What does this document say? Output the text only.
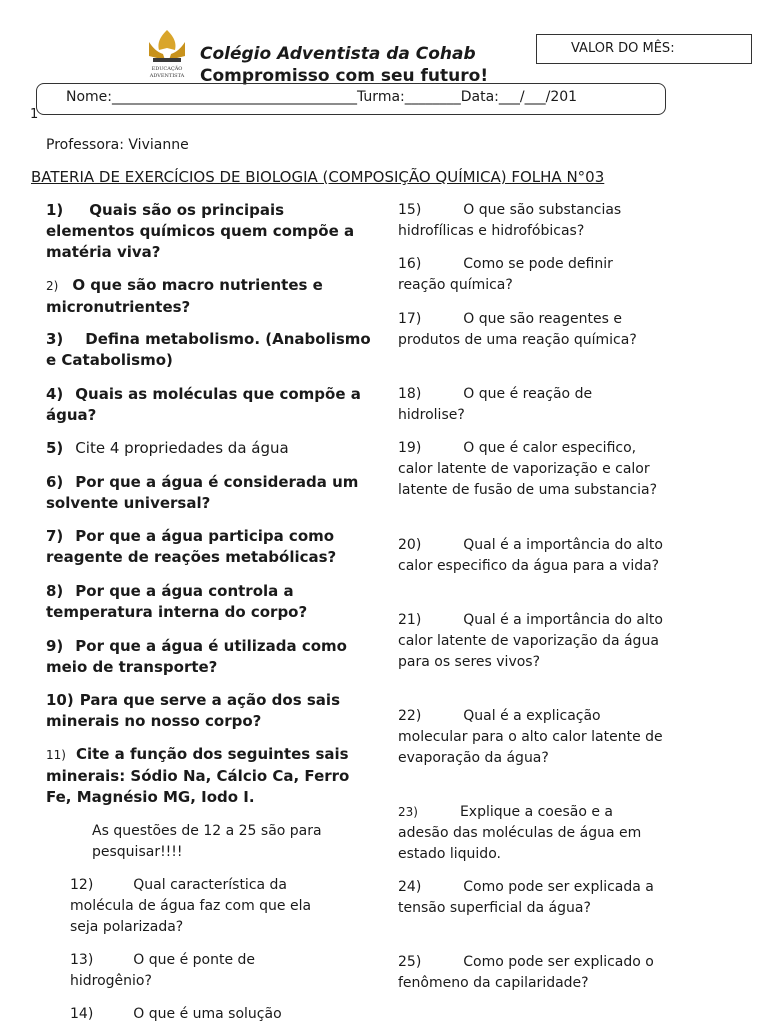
EDUCAÇÃO
ADVENTISTA
Colégio Adventista da Cohab
Compromisso com seu futuro!
VALOR DO MÊS:
Nome:___________________________________Turma:________Data:___/___/201
1
Professora: Vivianne
BATERIA DE EXERCÍCIOS DE BIOLOGIA (COMPOSIÇÃO QUÍMICA) FOLHA N°03
1) Quais são os principais elementos químicos quem compõe a matéria viva?
2) O que são macro nutrientes e micronutrientes?
3) Defina metabolismo. (Anabolismo e Catabolismo)
4) Quais as moléculas que compõe a água?
5) Cite 4 propriedades da água
6) Por que a água é considerada um solvente universal?
7) Por que a água participa como reagente de reações metabólicas?
8) Por que a água controla a temperatura interna do corpo?
9) Por que a água é utilizada como meio de transporte?
10) Para que serve a ação dos sais minerais no nosso corpo?
11) Cite a função dos seguintes sais minerais: Sódio Na, Cálcio Ca, Ferro Fe, Magnésio MG, Iodo I.
As questões de 12 a 25 são para pesquisar!!!!
12)	Qual característica da molécula de água faz com que ela seja polarizada?
13)	O que é ponte de hidrogênio?
14)	O que é uma solução
15)	O que são substancias hidrofílicas e hidrofóbicas?
16)	Como se pode definir reação química?
17)	O que são reagentes e produtos de uma reação química?
18)	O que é reação de hidrolise?
19)	O que é calor especifico, calor latente de vaporização e calor latente de fusão de uma substancia?
20)	Qual é a importância do alto calor especifico da água para a vida?
21)	Qual é a importância do alto calor latente de vaporização da água para os seres vivos?
22)	Qual é a explicação molecular para o alto calor latente de evaporação da água?
23)	Explique a coesão e a adesão das moléculas de água em estado liquido.
24)	Como pode ser explicada a tensão superficial da água?
25)	Como pode ser explicado o fenômeno da capilaridade?
